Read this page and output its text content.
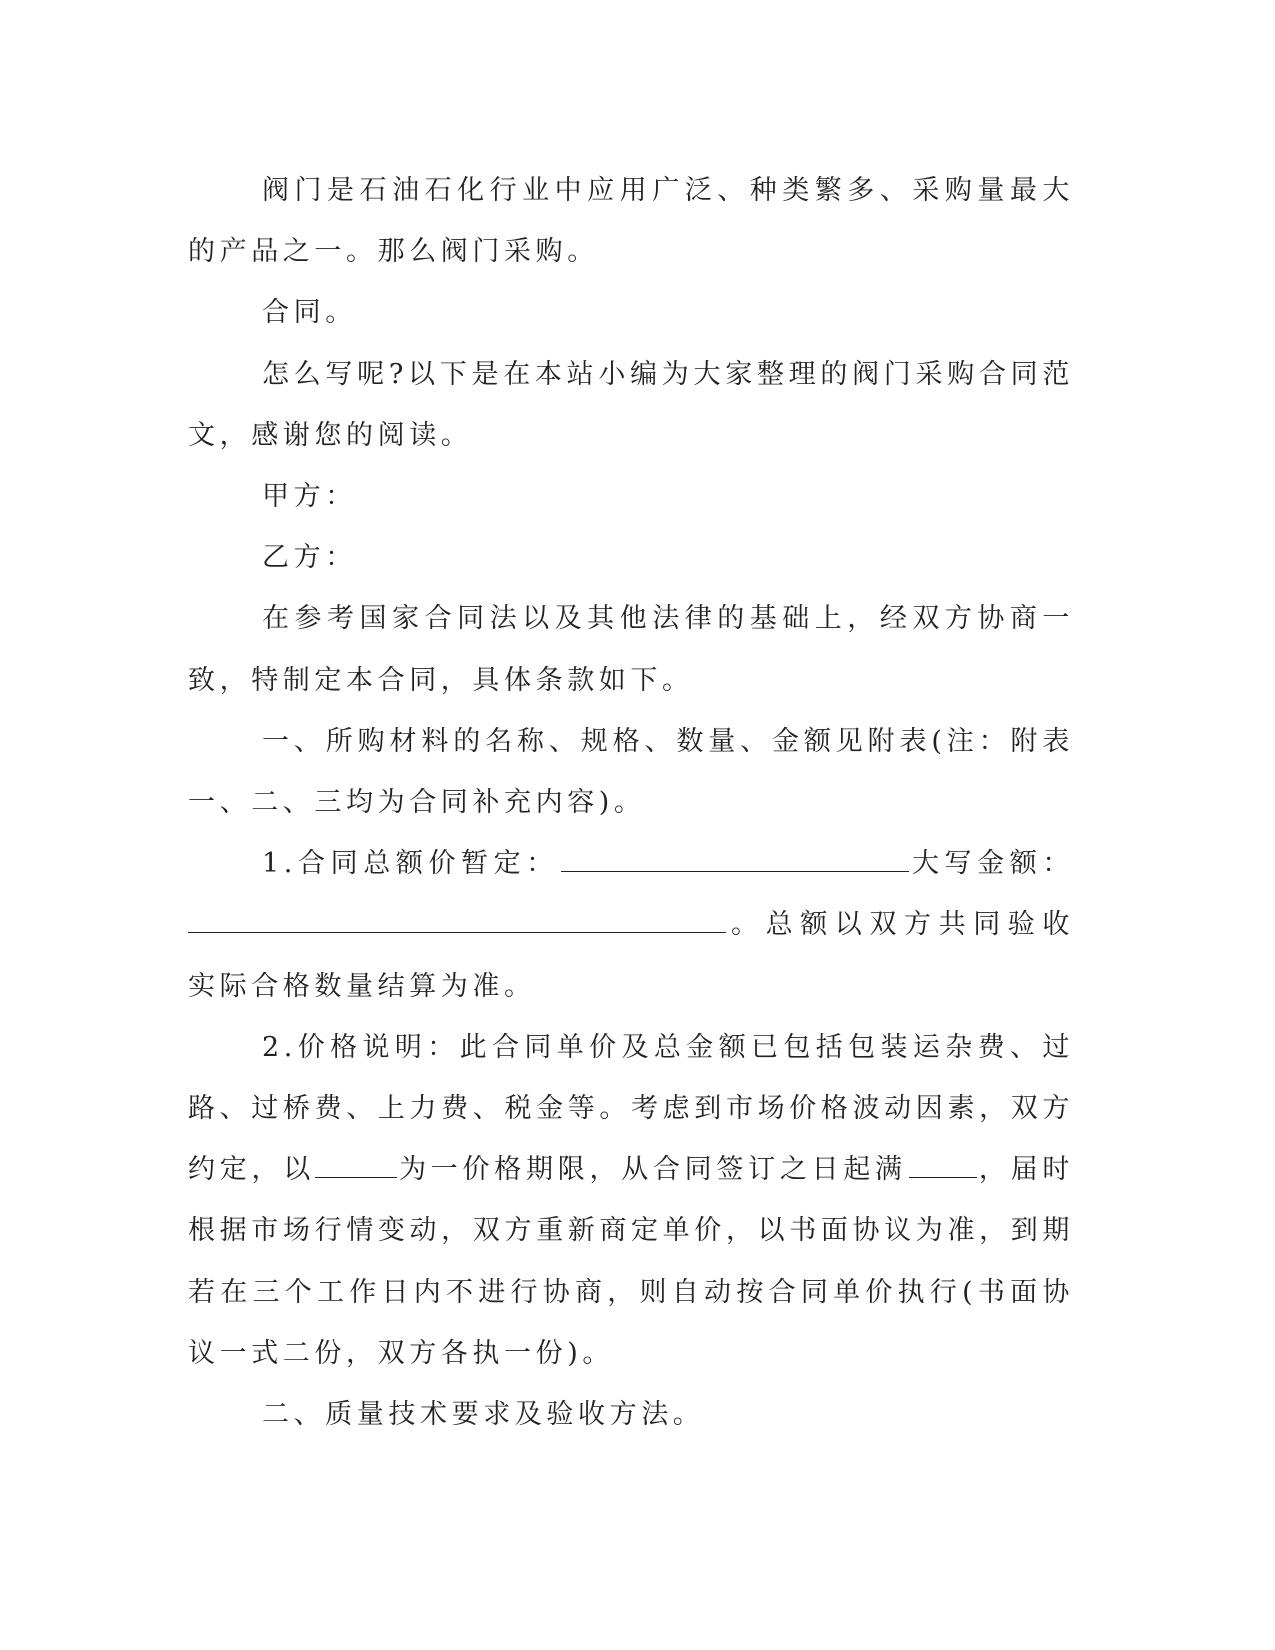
阀门是石油石化行业中应用广泛、种类繁多、采购量最大的产品之一。那么阀门采购。

合同。

怎么写呢?以下是在本站小编为大家整理的阀门采购合同范文，感谢您的阅读。

甲方：

乙方：

在参考国家合同法以及其他法律的基础上，经双方协商一致，特制定本合同，具体条款如下。

一、所购材料的名称、规格、数量、金额见附表(注：附表一、二、三均为合同补充内容)。

1.合同总额价暂定：	大写金额：。总额以双方共同验收实际合格数量结算为准。

2.价格说明：此合同单价及总金额已包括包装运杂费、过路、过桥费、上力费、税金等。考虑到市场价格波动因素，双方约定，以	为一价格期限，从合同签订之日起满	，届时根据市场行情变动，双方重新商定单价，以书面协议为准，到期若在三个工作日内不进行协商，则自动按合同单价执行(书面协议一式二份，双方各执一份)。

二、质量技术要求及验收方法。
